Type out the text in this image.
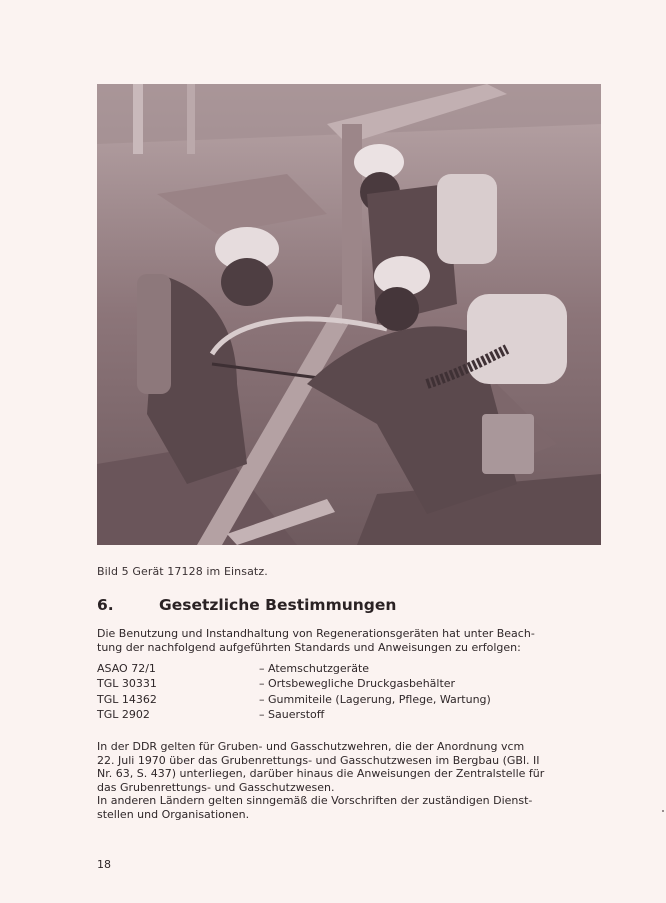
Bild 5 Gerät 17128 im Einsatz.
6.	Gesetzliche Bestimmungen
Die Benutzung und Instandhaltung von Regenerationsgeräten hat unter Beach-
tung der nachfolgend aufgeführten Standards und Anweisungen zu erfolgen:
ASAO 72/1	– Atemschutzgeräte
TGL 30331	– Ortsbewegliche Druckgasbehälter
TGL 14362	– Gummiteile (Lagerung, Pflege, Wartung)
TGL 2902	– Sauerstoff
In der DDR gelten für Gruben- und Gasschutzwehren, die der Anordnung vcm
22. Juli 1970 über das Grubenrettungs- und Gasschutzwesen im Bergbau (GBl. II
Nr. 63, S. 437) unterliegen, darüber hinaus die Anweisungen der Zentralstelle für
das Grubenrettungs- und Gasschutzwesen.
In anderen Ländern gelten sinngemäß die Vorschriften der zuständigen Dienst-
stellen und Organisationen.
18
